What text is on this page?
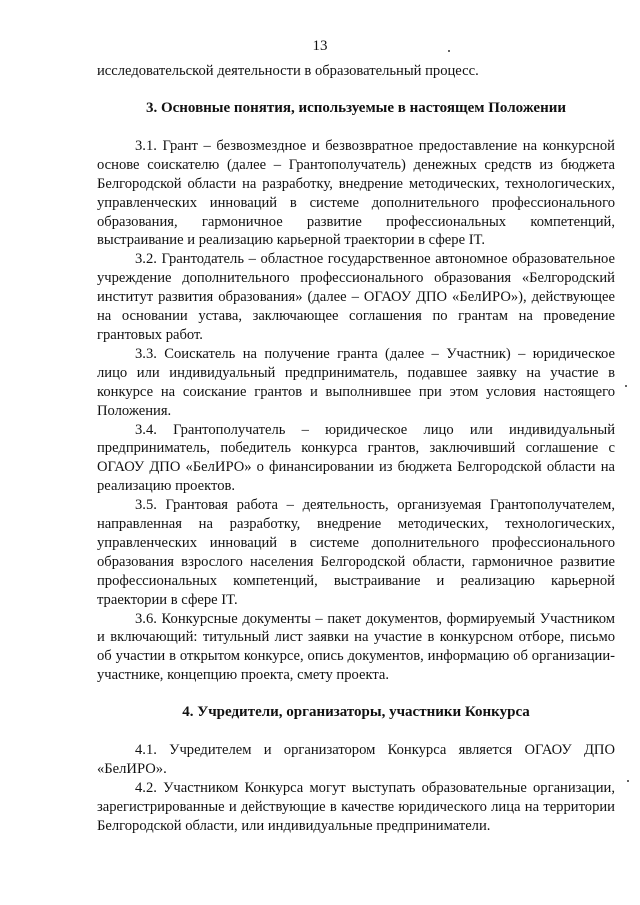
13

исследовательской деятельности в образовательный процесс.

3. Основные понятия, используемые в настоящем Положении

3.1. Грант – безвозмездное и безвозвратное предоставление на конкурсной основе соискателю (далее – Грантополучатель) денежных средств из бюджета Белгородской области на разработку, внедрение методических, технологических, управленческих инноваций в системе дополнительного профессионального образования, гармоничное развитие профессиональных компетенций, выстраивание и реализацию карьерной траектории в сфере IT.

3.2. Грантодатель – областное государственное автономное образовательное учреждение дополнительного профессионального образования «Белгородский институт развития образования» (далее – ОГАОУ ДПО «БелИРО»), действующее на основании устава, заключающее соглашения по грантам на проведение грантовых работ.

3.3. Соискатель на получение гранта (далее – Участник) – юридическое лицо или индивидуальный предприниматель, подавшее заявку на участие в конкурсе на соискание грантов и выполнившее при этом условия настоящего Положения.

3.4. Грантополучатель – юридическое лицо или индивидуальный предприниматель, победитель конкурса грантов, заключивший соглашение с ОГАОУ ДПО «БелИРО» о финансировании из бюджета Белгородской области на реализацию проектов.

3.5. Грантовая работа – деятельность, организуемая Грантополучателем, направленная на разработку, внедрение методических, технологических, управленческих инноваций в системе дополнительного профессионального образования взрослого населения Белгородской области, гармоничное развитие профессиональных компетенций, выстраивание и реализацию карьерной траектории в сфере IT.

3.6. Конкурсные документы – пакет документов, формируемый Участником и включающий: титульный лист заявки на участие в конкурсном отборе, письмо об участии в открытом конкурсе, опись документов, информацию об организации-участнике, концепцию проекта, смету проекта.

4. Учредители, организаторы, участники Конкурса

4.1. Учредителем и организатором Конкурса является ОГАОУ ДПО «БелИРО».

4.2. Участником Конкурса могут выступать образовательные организации, зарегистрированные и действующие в качестве юридического лица на территории Белгородской области, или индивидуальные предприниматели.
